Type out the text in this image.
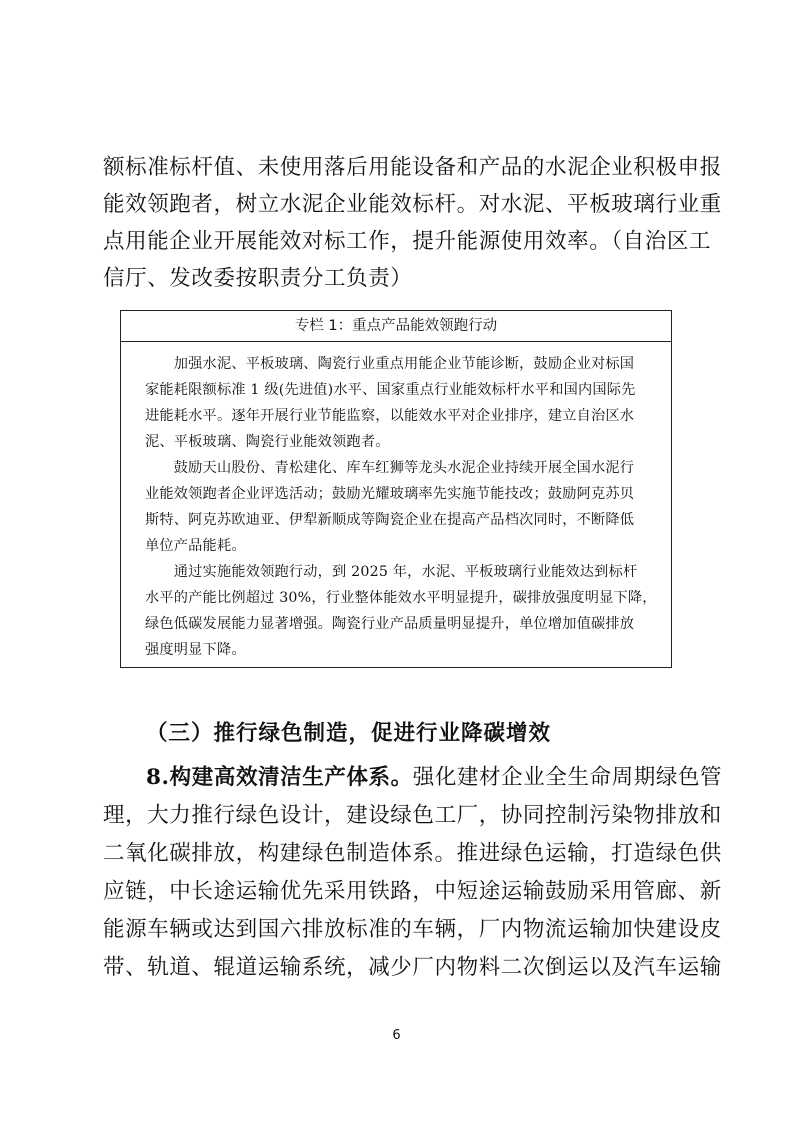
额标准标杆值、未使用落后用能设备和产品的水泥企业积极申报
能效领跑者，树立水泥企业能效标杆。对水泥、平板玻璃行业重
点用能企业开展能效对标工作，提升能源使用效率。（自治区工
信厅、发改委按职责分工负责）
专栏 1：重点产品能效领跑行动
　　加强水泥、平板玻璃、陶瓷行业重点用能企业节能诊断，鼓励企业对标国
家能耗限额标准 1 级(先进值)水平、国家重点行业能效标杆水平和国内国际先
进能耗水平。逐年开展行业节能监察，以能效水平对企业排序，建立自治区水
泥、平板玻璃、陶瓷行业能效领跑者。
　　鼓励天山股份、青松建化、库车红狮等龙头水泥企业持续开展全国水泥行
业能效领跑者企业评选活动；鼓励光耀玻璃率先实施节能技改；鼓励阿克苏贝
斯特、阿克苏欧迪亚、伊犁新顺成等陶瓷企业在提高产品档次同时，不断降低
单位产品能耗。
　　通过实施能效领跑行动，到 2025 年，水泥、平板玻璃行业能效达到标杆
水平的产能比例超过 30%，行业整体能效水平明显提升，碳排放强度明显下降，
绿色低碳发展能力显著增强。陶瓷行业产品质量明显提升，单位增加值碳排放
强度明显下降。
（三）推行绿色制造，促进行业降碳增效
8.构建高效清洁生产体系。强化建材企业全生命周期绿色管
理，大力推行绿色设计，建设绿色工厂，协同控制污染物排放和
二氧化碳排放，构建绿色制造体系。推进绿色运输，打造绿色供
应链，中长途运输优先采用铁路，中短途运输鼓励采用管廊、新
能源车辆或达到国六排放标准的车辆，厂内物流运输加快建设皮
带、轨道、辊道运输系统，减少厂内物料二次倒运以及汽车运输
6
